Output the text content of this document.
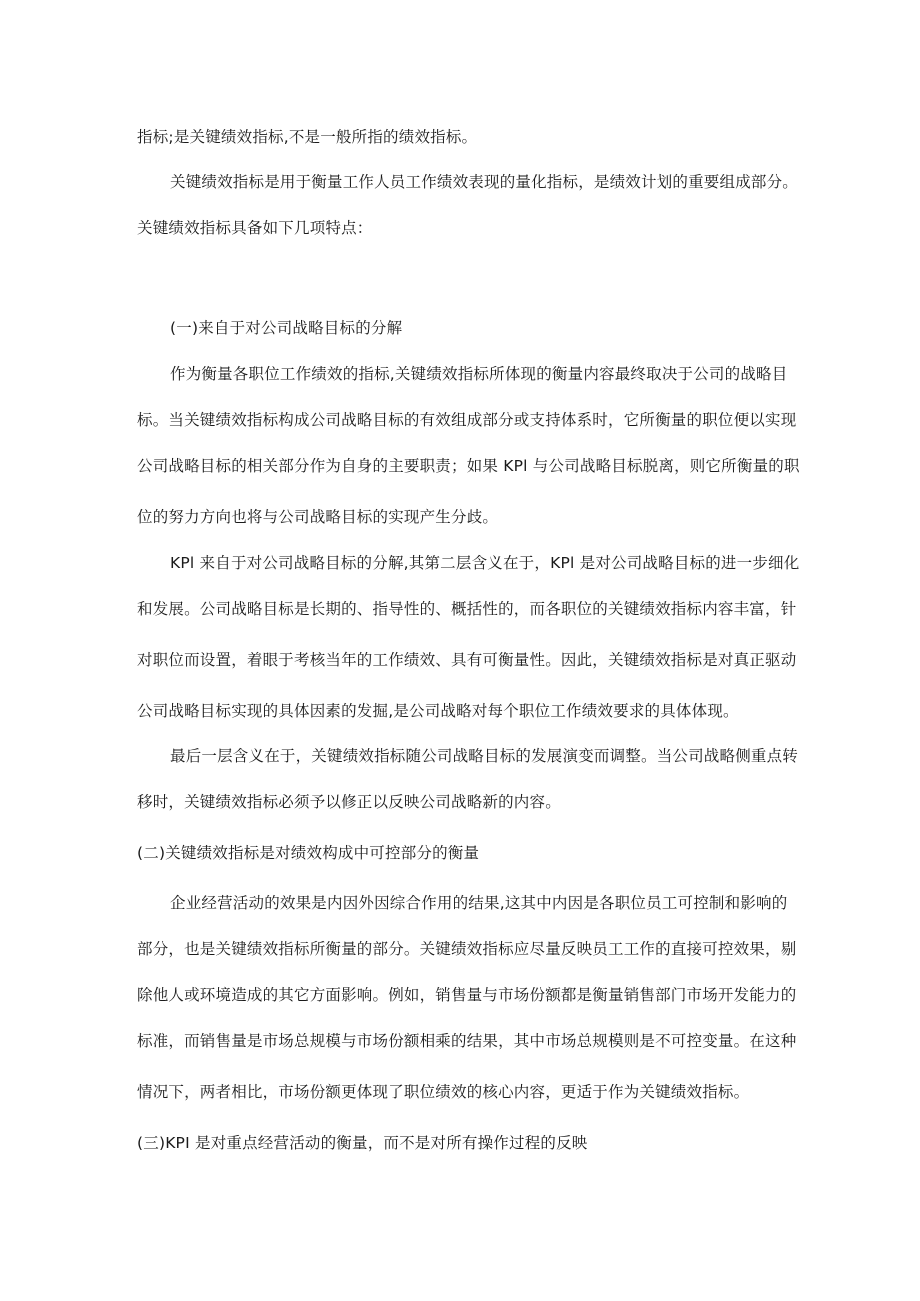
指标;是关键绩效指标,不是一般所指的绩效指标。
关键绩效指标是用于衡量工作人员工作绩效表现的量化指标，是绩效计划的重要组成部分。
关键绩效指标具备如下几项特点：
(一)来自于对公司战略目标的分解
作为衡量各职位工作绩效的指标,关键绩效指标所体现的衡量内容最终取决于公司的战略目
标。当关键绩效指标构成公司战略目标的有效组成部分或支持体系时，它所衡量的职位便以实现
公司战略目标的相关部分作为自身的主要职责；如果 KPl 与公司战略目标脱离，则它所衡量的职
位的努力方向也将与公司战略目标的实现产生分歧。
KPl 来自于对公司战略目标的分解,其第二层含义在于，KPl 是对公司战略目标的进一步细化
和发展。公司战略目标是长期的、指导性的、概括性的，而各职位的关键绩效指标内容丰富，针
对职位而设置，着眼于考核当年的工作绩效、具有可衡量性。因此，关键绩效指标是对真正驱动
公司战略目标实现的具体因素的发掘,是公司战略对每个职位工作绩效要求的具体体现。
最后一层含义在于，关键绩效指标随公司战略目标的发展演变而调整。当公司战略侧重点转
移时，关键绩效指标必须予以修正以反映公司战略新的内容。
(二)关键绩效指标是对绩效构成中可控部分的衡量
企业经营活动的效果是内因外因综合作用的结果,这其中内因是各职位员工可控制和影响的
部分，也是关键绩效指标所衡量的部分。关键绩效指标应尽量反映员工工作的直接可控效果，剔
除他人或环境造成的其它方面影响。例如，销售量与市场份额都是衡量销售部门市场开发能力的
标准，而销售量是市场总规模与市场份额相乘的结果，其中市场总规模则是不可控变量。在这种
情况下，两者相比，市场份额更体现了职位绩效的核心内容，更适于作为关键绩效指标。
(三)KPI 是对重点经营活动的衡量，而不是对所有操作过程的反映
